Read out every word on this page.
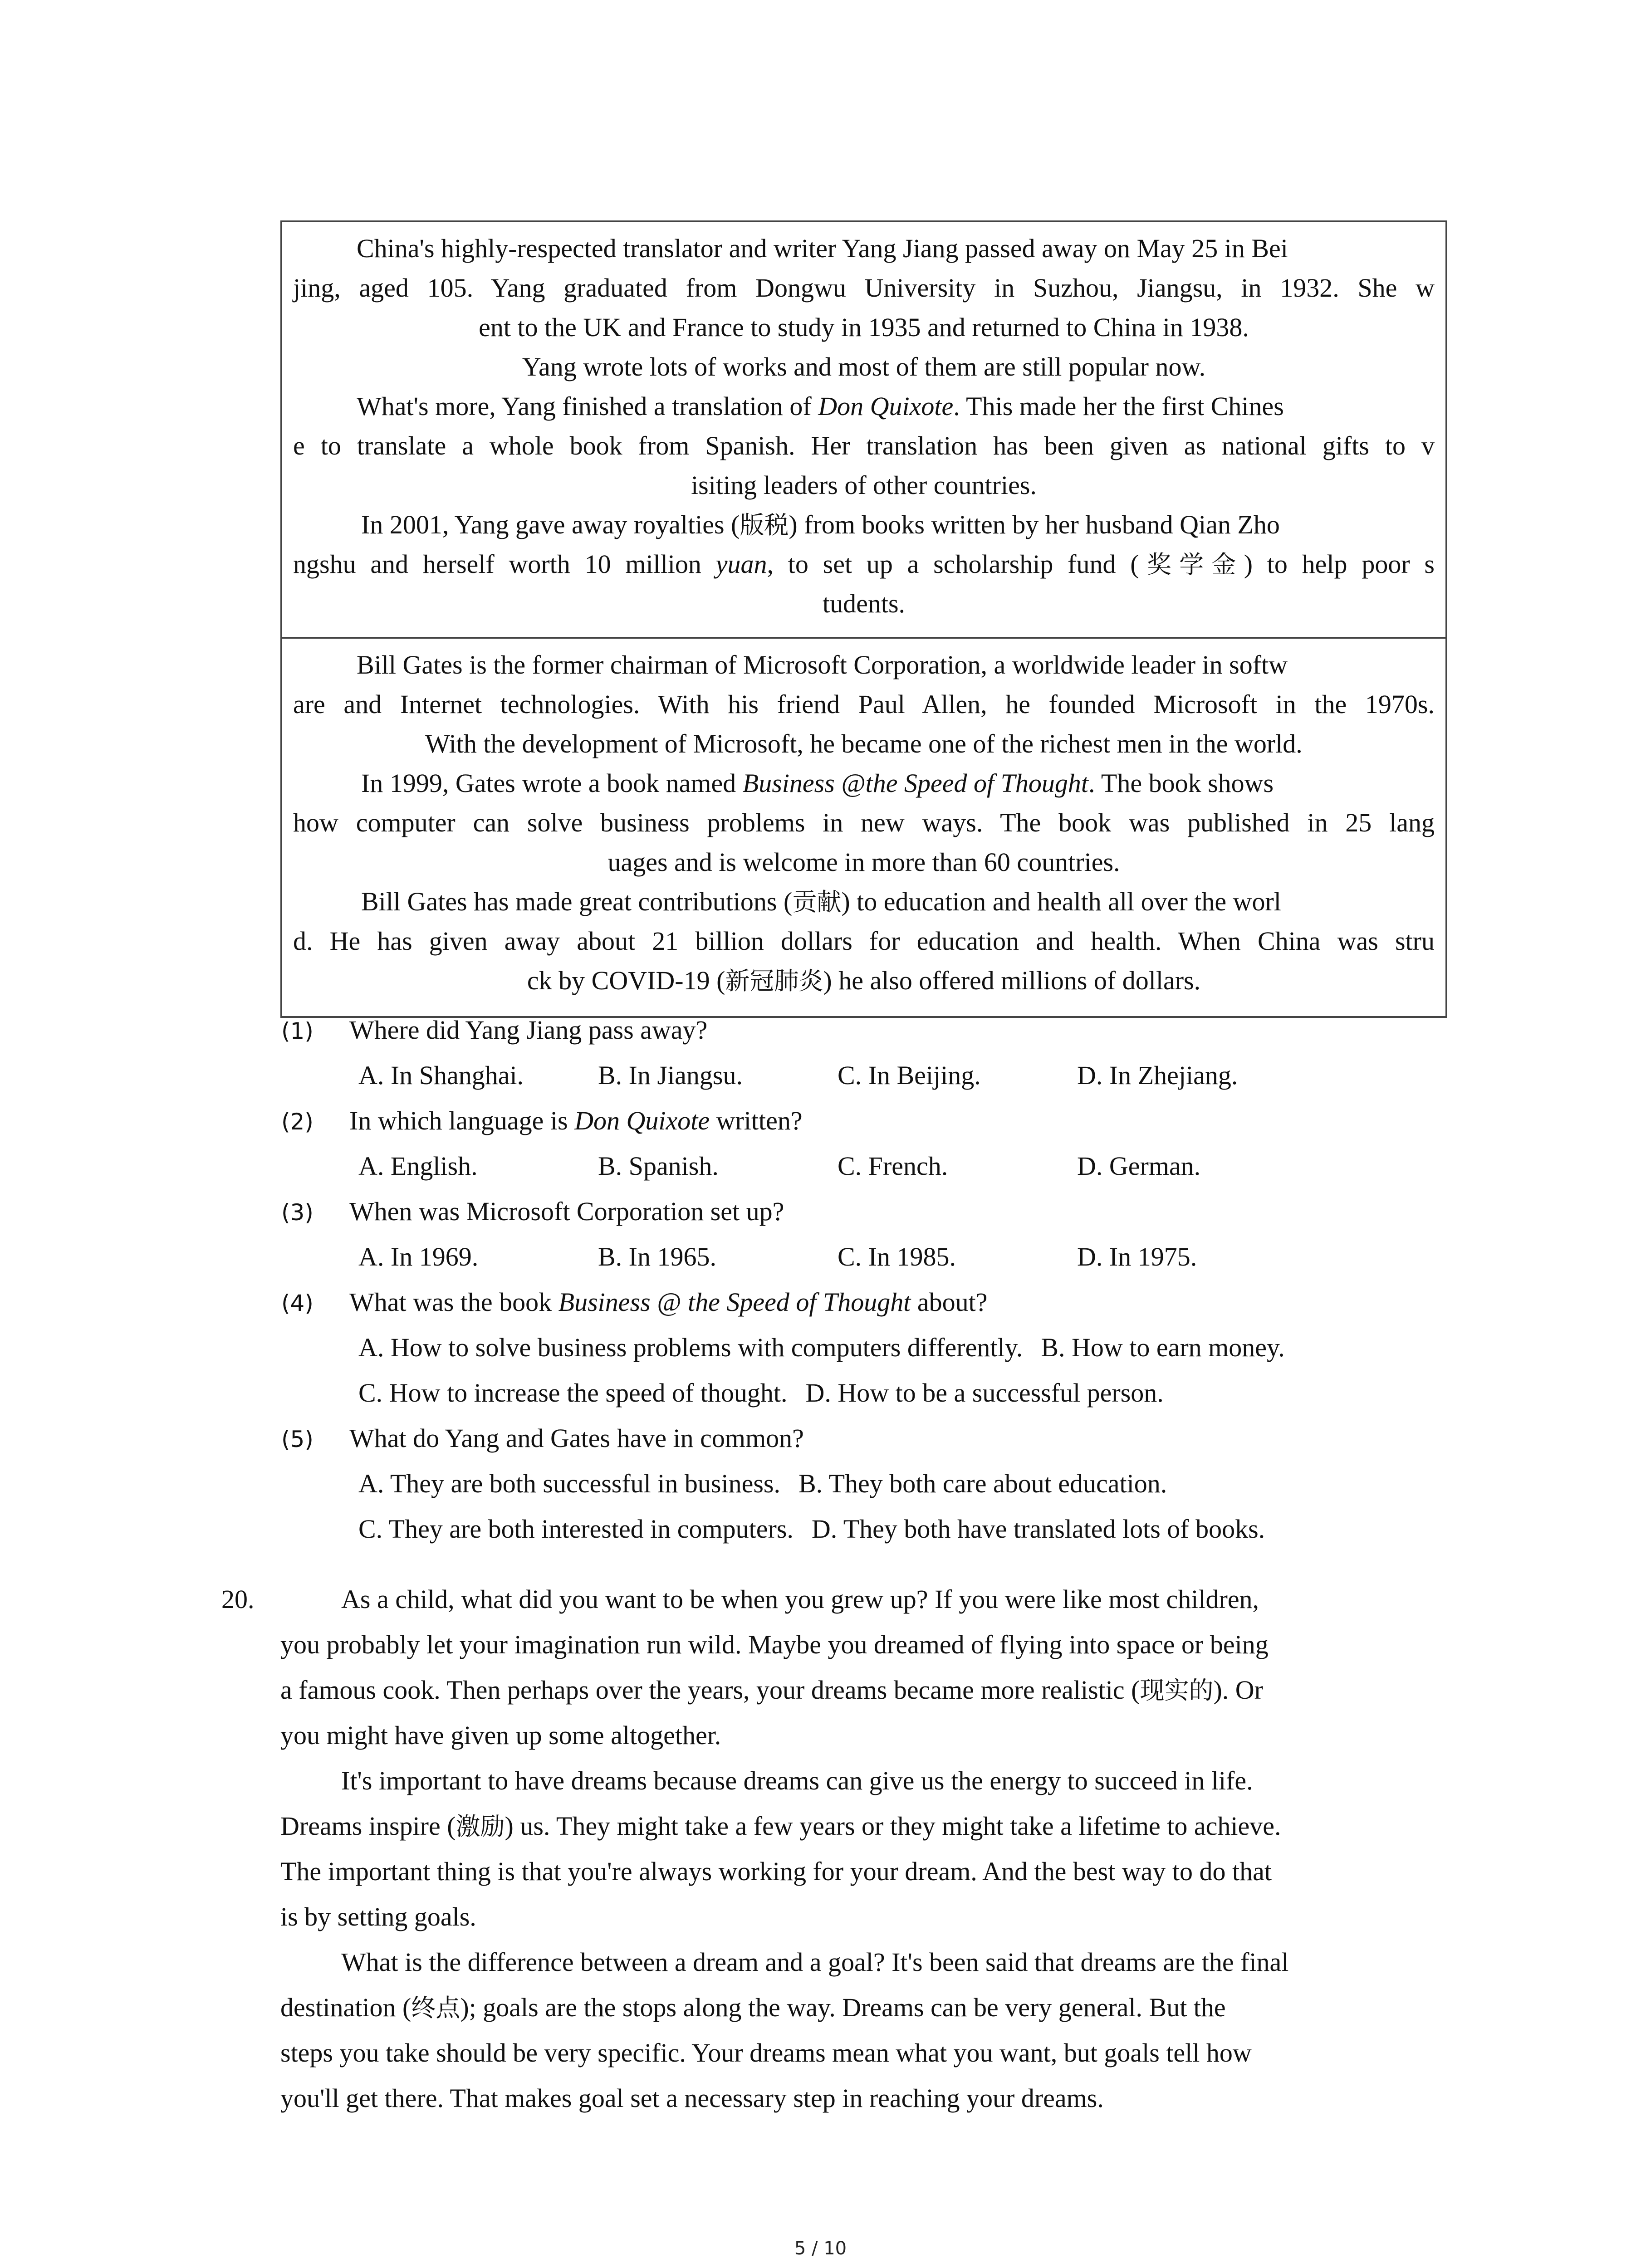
China's highly-respected translator and writer Yang Jiang passed away on May 25 in Bei
jing, aged 105. Yang graduated from Dongwu University in Suzhou, Jiangsu, in 1932. She w
ent to the UK and France to study in 1935 and returned to China in 1938.
Yang wrote lots of works and most of them are still popular now.
What's more, Yang finished a translation of Don Quixote. This made her the first Chines
e to translate a whole book from Spanish. Her translation has been given as national gifts to v
isiting leaders of other countries.
In 2001, Yang gave away royalties (版税) from books written by her husband Qian Zho
ngshu and herself worth 10 million yuan, to set up a scholarship fund (奖学金) to help poor s
tudents.
Bill Gates is the former chairman of Microsoft Corporation, a worldwide leader in softw
are and Internet technologies. With his friend Paul Allen, he founded Microsoft in the 1970s.
With the development of Microsoft, he became one of the richest men in the world.
In 1999, Gates wrote a book named Business @the Speed of Thought. The book shows
how computer can solve business problems in new ways. The book was published in 25 lang
uages and is welcome in more than 60 countries.
Bill Gates has made great contributions (贡献) to education and health all over the worl
d. He has given away about 21 billion dollars for education and health. When China was stru
ck by COVID-19 (新冠肺炎) he also offered millions of dollars.
(1) Where did Yang Jiang pass away?
A. In Shanghai.	B. In Jiangsu.	C. In Beijing.	D. In Zhejiang.
(2) In which language is Don Quixote written?
A. English.	B. Spanish.	C. French.	D. German.
(3) When was Microsoft Corporation set up?
A. In 1969.	B. In 1965.	C. In 1985.	D. In 1975.
(4) What was the book Business @ the Speed of Thought about?
A. How to solve business problems with computers differently. B. How to earn money.
C. How to increase the speed of thought. D. How to be a successful person.
(5) What do Yang and Gates have in common?
A. They are both successful in business. B. They both care about education.
C. They are both interested in computers. D. They both have translated lots of books.
20.	As a child, what did you want to be when you grew up? If you were like most children,
you probably let your imagination run wild. Maybe you dreamed of flying into space or being
a famous cook. Then perhaps over the years, your dreams became more realistic (现实的). Or
you might have given up some altogether.
It's important to have dreams because dreams can give us the energy to succeed in life.
Dreams inspire (激励) us. They might take a few years or they might take a lifetime to achieve.
The important thing is that you're always working for your dream. And the best way to do that
is by setting goals.
What is the difference between a dream and a goal? It's been said that dreams are the final
destination (终点); goals are the stops along the way. Dreams can be very general. But the
steps you take should be very specific. Your dreams mean what you want, but goals tell how
you'll get there. That makes goal set a necessary step in reaching your dreams.
5 / 10
